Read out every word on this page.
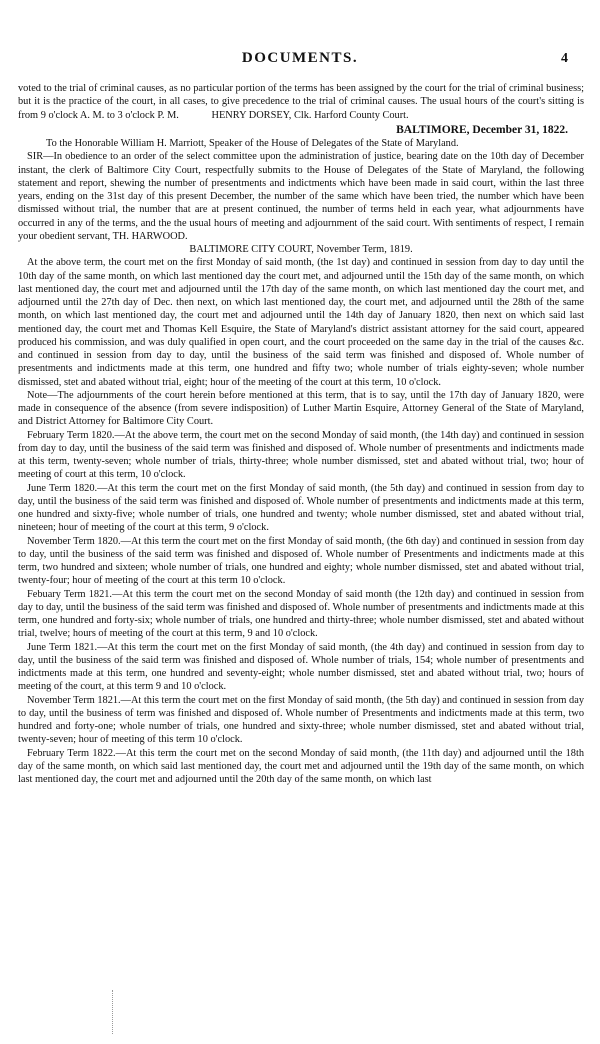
DOCUMENTS.	4

voted to the trial of criminal causes, as no particular portion of the terms has been assigned by the court for the trial of criminal business; but it is the practice of the court, in all cases, to give precedence to the trial of criminal causes. The usual hours of the court's sitting is from 9 o'clock A. M. to 3 o'clock P. M.	HENRY DORSEY, Clk. Harford County Court.

BALTIMORE, December 31, 1822.

To the Honorable William H. Marriott, Speaker of the House of Delegates of the State of Maryland.

SIR—In obedience to an order of the select committee upon the administration of justice, bearing date on the 10th day of December instant, the clerk of Baltimore City Court, respectfully submits to the House of Delegates of the State of Maryland, the following statement and report, shewing the number of presentments and indictments which have been made in said court, within the last three years, ending on the 31st day of this present December, the number of the same which have been tried, the number which have been dismissed without trial, the number that are at present continued, the number of terms held in each year, what adjournments have occurred in any of the terms, and the the usual hours of meeting and adjournment of the said court. With sentiments of respect, I remain your obedient servant, TH. HARWOOD.

BALTIMORE CITY COURT, November Term, 1819.

At the above term, the court met on the first Monday of said month, (the 1st day) and continued in session from day to day until the 10th day of the same month, on which last mentioned day the court met, and adjourned until the 15th day of the same month, on which last mentioned day, the court met and adjourned until the 17th day of the same month, on which last mentioned day the court met, and adjourned until the 27th day of Dec. then next, on which last mentioned day, the court met, and adjourned until the 28th of the same month, on which last mentioned day, the court met and adjourned until the 14th day of January 1820, then next on which said last mentioned day, the court met and Thomas Kell Esquire, the State of Maryland's district assistant attorney for the said court, appeared produced his commission, and was duly qualified in open court, and the court proceeded on the same day in the trial of the causes &c. and continued in session from day to day, until the business of the said term was finished and disposed of. Whole number of presentments and indictments made at this term, one hundred and fifty two; whole number of trials eighty-seven; whole number dismissed, stet and abated without trial, eight; hour of the meeting of the court at this term, 10 o'clock.

Note—The adjournments of the court herein before mentioned at this term, that is to say, until the 17th day of January 1820, were made in consequence of the absence (from severe indisposition) of Luther Martin Esquire, Attorney General of the State of Maryland, and District Attorney for Baltimore City Court.

February Term 1820.—At the above term, the court met on the second Monday of said month, (the 14th day) and continued in session from day to day, until the business of the said term was finished and disposed of. Whole number of presentments and indictments made at this term, twenty-seven; whole number of trials, thirty-three; whole number dismissed, stet and abated without trial, two; hour of meeting of court at this term, 10 o'clock.

June Term 1820.—At this term the court met on the first Monday of said month, (the 5th day) and continued in session from day to day, until the business of the said term was finished and disposed of. Whole number of presentments and indictments made at this term, one hundred and sixty-five; whole number of trials, one hundred and twenty; whole number dismissed, stet and abated without trial, nineteen; hour of meeting of the court at this term, 9 o'clock.

November Term 1820.—At this term the court met on the first Monday of said month, (the 6th day) and continued in session from day to day, until the business of the said term was finished and disposed of. Whole number of Presentments and indictments made at this term, two hundred and sixteen; whole number of trials, one hundred and eighty; whole number dismissed, stet and abated without trial, twenty-four; hour of meeting of the court at this term 10 o'clock.

Febuary Term 1821.—At this term the court met on the second Monday of said month (the 12th day) and continued in session from day to day, until the business of the said term was finished and disposed of. Whole number of presentments and indictments made at this term, one hundred and forty-six; whole number of trials, one hundred and thirty-three; whole number dismissed, stet and abated without trial, twelve; hours of meeting of the court at this term, 9 and 10 o'clock.

June Term 1821.—At this term the court met on the first Monday of said month, (the 4th day) and continued in session from day to day, until the business of the said term was finished and disposed of. Whole number of trials, 154; whole number of presentments and indictments made at this term, one hundred and seventy-eight; whole number dismissed, stet and abated without trial, two; hours of meeting of the court, at this term 9 and 10 o'clock.

November Term 1821.—At this term the court met on the first Monday of said month, (the 5th day) and continued in session from day to day, until the business of term was finished and disposed of. Whole number of Presentments and indictments made at this term, two hundred and forty-one; whole number of trials, one hundred and sixty-three; whole number dismissed, stet and abated without trial, twenty-seven; hour of meeting of this term 10 o'clock.

February Term 1822.—At this term the court met on the second Monday of said month, (the 11th day) and adjourned until the 18th day of the same month, on which said last mentioned day, the court met and adjourned until the 19th day of the same month, on which last mentioned day, the court met and adjourned until the 20th day of the same month, on which last
